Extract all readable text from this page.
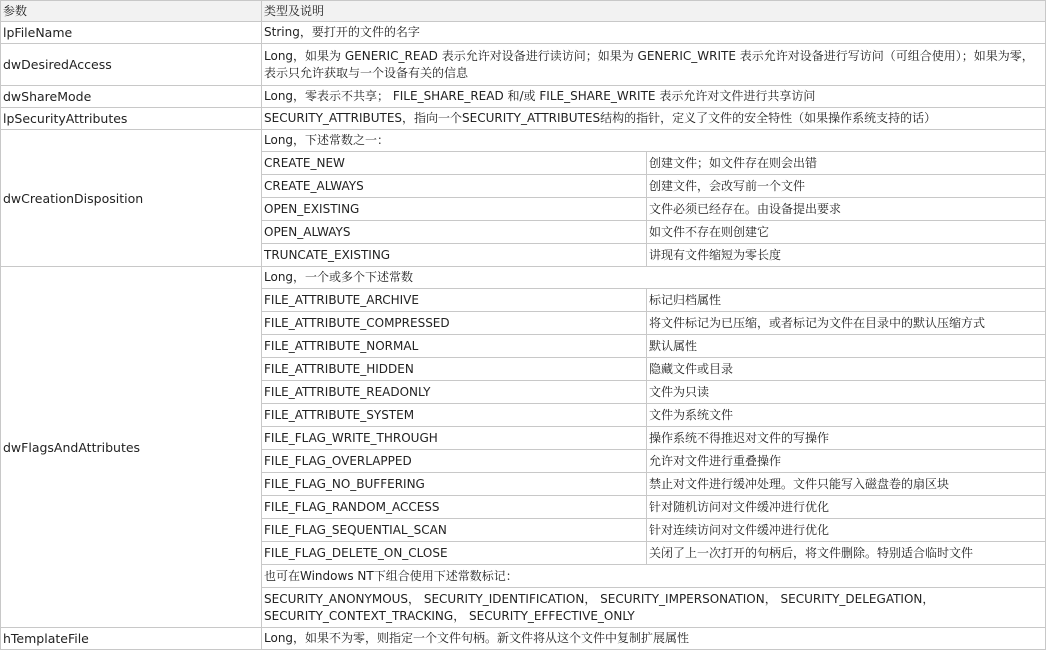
参数	类型及说明	
lpFileName	String，要打开的文件的名字	
dwDesiredAccess	Long，如果为 GENERIC_READ 表示允许对设备进行读访问；如果为 GENERIC_WRITE 表示允许对设备进行写访问（可组合使用）；如果为零，表示只允许获取与一个设备有关的信息	
dwShareMode	Long，零表示不共享； FILE_SHARE_READ 和/或 FILE_SHARE_WRITE 表示允许对文件进行共享访问	
lpSecurityAttributes	SECURITY_ATTRIBUTES，指向一个SECURITY_ATTRIBUTES结构的指针，定义了文件的安全特性（如果操作系统支持的话）	
dwCreationDisposition	Long，下述常数之一：	
	CREATE_NEW	创建文件；如文件存在则会出错
	CREATE_ALWAYS	创建文件，会改写前一个文件
	OPEN_EXISTING	文件必须已经存在。由设备提出要求
	OPEN_ALWAYS	如文件不存在则创建它
	TRUNCATE_EXISTING	讲现有文件缩短为零长度
dwFlagsAndAttributes	Long，一个或多个下述常数	
	FILE_ATTRIBUTE_ARCHIVE	标记归档属性
	FILE_ATTRIBUTE_COMPRESSED	将文件标记为已压缩，或者标记为文件在目录中的默认压缩方式
	FILE_ATTRIBUTE_NORMAL	默认属性
	FILE_ATTRIBUTE_HIDDEN	隐藏文件或目录
	FILE_ATTRIBUTE_READONLY	文件为只读
	FILE_ATTRIBUTE_SYSTEM	文件为系统文件
	FILE_FLAG_WRITE_THROUGH	操作系统不得推迟对文件的写操作
	FILE_FLAG_OVERLAPPED	允许对文件进行重叠操作
	FILE_FLAG_NO_BUFFERING	禁止对文件进行缓冲处理。文件只能写入磁盘卷的扇区块
	FILE_FLAG_RANDOM_ACCESS	针对随机访问对文件缓冲进行优化
	FILE_FLAG_SEQUENTIAL_SCAN	针对连续访问对文件缓冲进行优化
	FILE_FLAG_DELETE_ON_CLOSE	关闭了上一次打开的句柄后，将文件删除。特别适合临时文件
	也可在Windows NT下组合使用下述常数标记：	
	SECURITY_ANONYMOUS， SECURITY_IDENTIFICATION， SECURITY_IMPERSONATION， SECURITY_DELEGATION， SECURITY_CONTEXT_TRACKING， SECURITY_EFFECTIVE_ONLY	
hTemplateFile	Long，如果不为零，则指定一个文件句柄。新文件将从这个文件中复制扩展属性	
